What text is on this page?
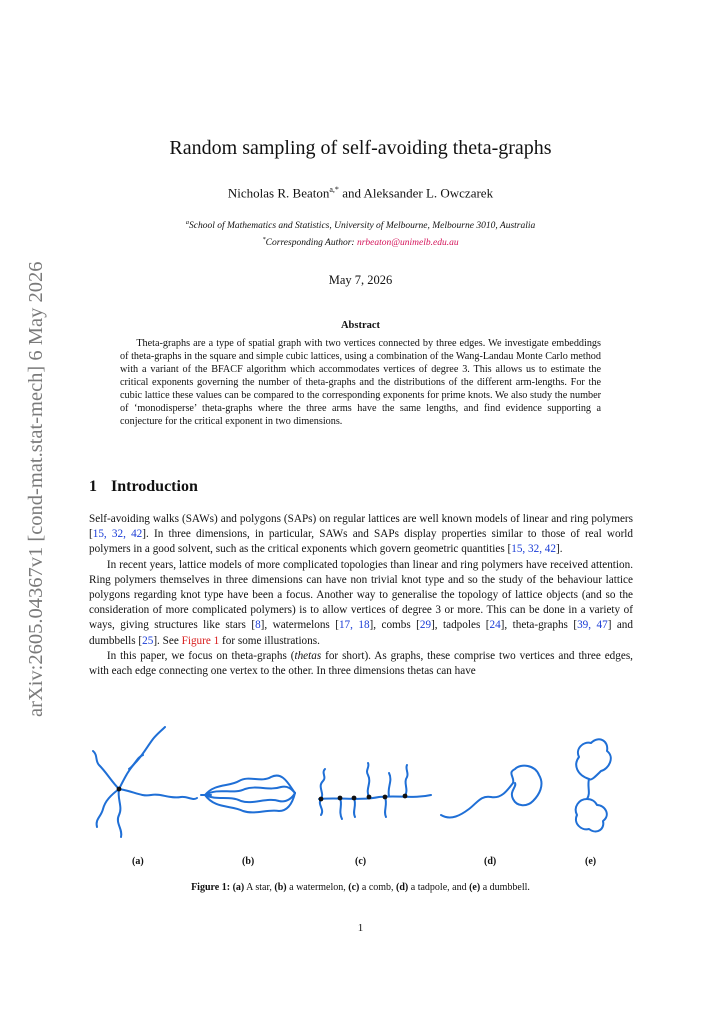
arXiv:2605.04367v1 [cond-mat.stat-mech] 6 May 2026
Random sampling of self-avoiding theta-graphs
Nicholas R. Beaton$^{a,*}$ and Aleksander L. Owczarek
$^a$School of Mathematics and Statistics, University of Melbourne, Melbourne 3010, Australia
*Corresponding Author: nrbeaton@unimelb.edu.au
May 7, 2026
Abstract

Theta-graphs are a type of spatial graph with two vertices connected by three edges. We investigate embeddings of theta-graphs in the square and simple cubic lattices, using a combination of the Wang-Landau Monte Carlo method with a variant of the BFACF algorithm which accommodates vertices of degree 3. This allows us to estimate the critical exponents governing the number of theta-graphs and the distributions of the different arm-lengths. For the cubic lattice these values can be compared to the corresponding exponents for prime knots. We also study the number of ‘monodisperse’ theta-graphs where the three arms have the same lengths, and find evidence supporting a conjecture for the critical exponent in two dimensions.

1 Introduction

Self-avoiding walks (SAWs) and polygons (SAPs) on regular lattices are well known models of linear and ring polymers [15, 32, 42]. In three dimensions, in particular, SAWs and SAPs display properties similar to those of real world polymers in a good solvent, such as the critical exponents which govern geometric quantities [15, 32, 42].

In recent years, lattice models of more complicated topologies than linear and ring polymers have received attention. Ring polymers themselves in three dimensions can have non trivial knot type and so the study of the behaviour lattice polygons regarding knot type have been a focus. Another way to generalise the topology of lattice objects (and so the consideration of more complicated polymers) is to allow vertices of degree 3 or more. This can be done in a variety of ways, giving structures like stars [8], watermelons [17, 18], combs [29], tadpoles [24], theta-graphs [39, 47] and dumbbells [25]. See Figure 1 for some illustrations.

In this paper, we focus on theta-graphs (thetas for short). As graphs, these comprise two vertices and three edges, with each edge connecting one vertex to the other. In three dimensions thetas can have

(a)	(b)	(c)	(d)	(e)
Figure 1: (a) A star, (b) a watermelon, (c) a comb, (d) a tadpole, and (e) a dumbbell.
1
